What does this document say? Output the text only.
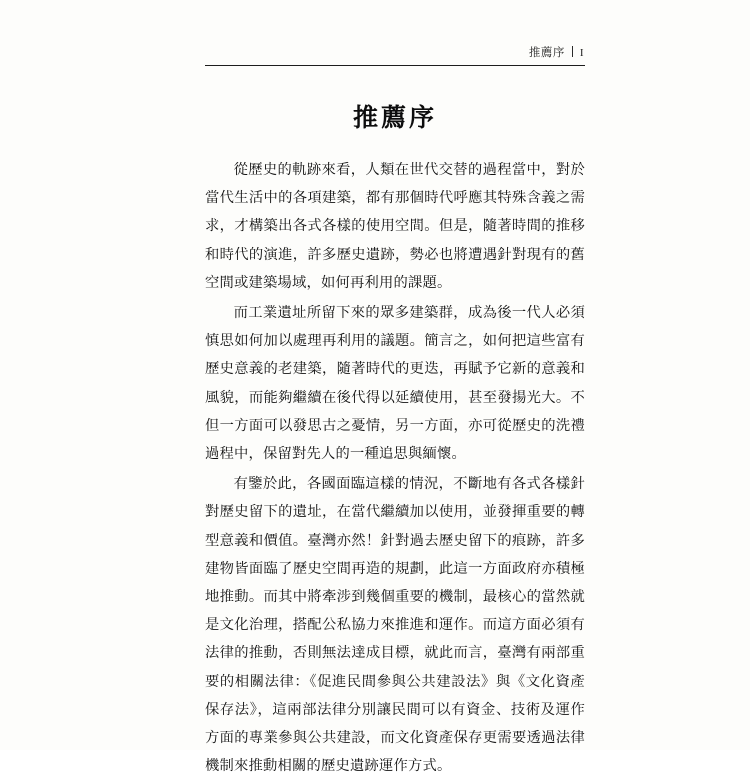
推薦序 I
推薦序

從歷史的軌跡來看，人類在世代交替的過程當中，對於當代生活中的各項建築，都有那個時代呼應其特殊含義之需求，才構築出各式各樣的使用空間。但是，隨著時間的推移和時代的演進，許多歷史遺跡，勢必也將遭遇針對現有的舊空間或建築場域，如何再利用的課題。

而工業遺址所留下來的眾多建築群，成為後一代人必須慎思如何加以處理再利用的議題。簡言之，如何把這些富有歷史意義的老建築，隨著時代的更迭，再賦予它新的意義和風貌，而能夠繼續在後代得以延續使用，甚至發揚光大。不但一方面可以發思古之憂情，另一方面，亦可從歷史的洗禮過程中，保留對先人的一種追思與緬懷。

有鑒於此，各國面臨這樣的情況，不斷地有各式各樣針對歷史留下的遺址，在當代繼續加以使用，並發揮重要的轉型意義和價值。臺灣亦然！針對過去歷史留下的痕跡，許多建物皆面臨了歷史空間再造的規劃，此這一方面政府亦積極地推動。而其中將牽涉到幾個重要的機制，最核心的當然就是文化治理，搭配公私協力來推進和運作。而這方面必須有法律的推動，否則無法達成目標，就此而言，臺灣有兩部重要的相關法律：《促進民間參與公共建設法》與《文化資產保存法》，這兩部法律分別讓民間可以有資金、技術及運作方面的專業參與公共建設，而文化資產保存更需要透過法律機制來推動相關的歷史遺跡運作方式。
